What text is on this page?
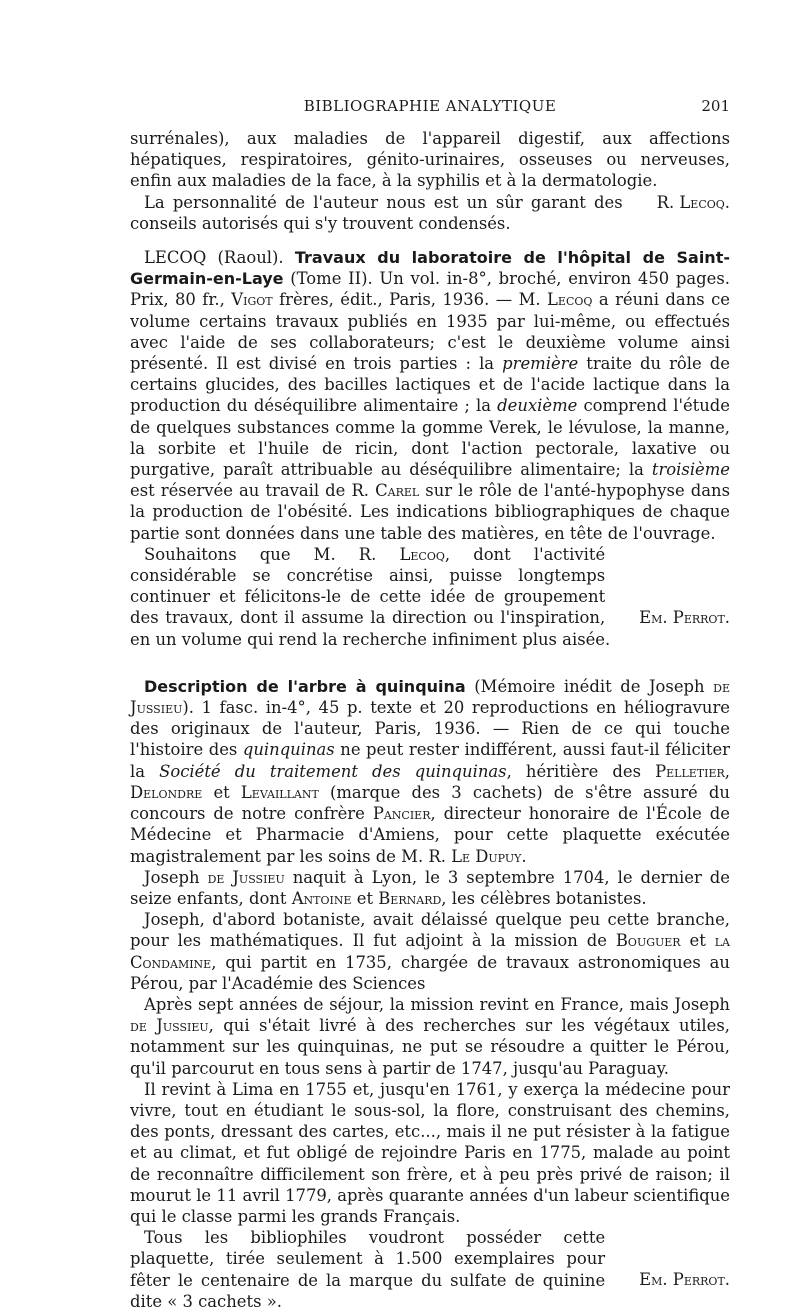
BIBLIOGRAPHIE ANALYTIQUE	201

surrénales), aux maladies de l'appareil digestif, aux affections hépatiques, respiratoires, génito-urinaires, osseuses ou nerveuses, enfin aux maladies de la face, à la syphilis et à la dermatologie.

R. Lecoq.
La personnalité de l'auteur nous est un sûr garant des conseils autorisés qui s'y trouvent condensés.

LECOQ (Raoul). Travaux du laboratoire de l'hôpital de Saint-Germain-en-Laye (Tome II). Un vol. in-8°, broché, environ 450 pages. Prix, 80 fr., Vigot frères, édit., Paris, 1936. — M. Lecoq a réuni dans ce volume certains travaux publiés en 1935 par lui-même, ou effectués avec l'aide de ses collaborateurs; c'est le deuxième volume ainsi présenté. Il est divisé en trois parties : la première traite du rôle de certains glucides, des bacilles lactiques et de l'acide lactique dans la production du déséquilibre alimentaire ; la deuxième comprend l'étude de quelques substances comme la gomme Verek, le lévulose, la manne, la sorbite et l'huile de ricin, dont l'action pectorale, laxative ou purgative, paraît attribuable au déséquilibre alimentaire; la troisième est réservée au travail de R. Carel sur le rôle de l'anté-hypophyse dans la production de l'obésité. Les indications bibliographiques de chaque partie sont données dans une table des matières, en tête de l'ouvrage.

Em. Perrot.
Souhaitons que M. R. Lecoq, dont l'activité considérable se concrétise ainsi, puisse longtemps continuer et félicitons-le de cette idée de groupement des travaux, dont il assume la direction ou l'inspiration, en un volume qui rend la recherche infiniment plus aisée.

Description de l'arbre à quinquina (Mémoire inédit de Joseph de Jussieu). 1 fasc. in-4°, 45 p. texte et 20 reproductions en héliogravure des originaux de l'auteur, Paris, 1936. — Rien de ce qui touche l'histoire des quinquinas ne peut rester indifférent, aussi faut-il féliciter la Société du traitement des quinquinas, héritière des Pelletier, Delondre et Levaillant (marque des 3 cachets) de s'être assuré du concours de notre confrère Pancier, directeur honoraire de l'École de Médecine et Pharmacie d'Amiens, pour cette plaquette exécutée magistralement par les soins de M. R. Le Dupuy.

Joseph de Jussieu naquit à Lyon, le 3 septembre 1704, le dernier de seize enfants, dont Antoine et Bernard, les célèbres botanistes.

Joseph, d'abord botaniste, avait délaissé quelque peu cette branche, pour les mathématiques. Il fut adjoint à la mission de Bouguer et la Condamine, qui partit en 1735, chargée de travaux astronomiques au Pérou, par l'Académie des Sciences

Après sept années de séjour, la mission revint en France, mais Joseph de Jussieu, qui s'était livré à des recherches sur les végétaux utiles, notamment sur les quinquinas, ne put se résoudre a quitter le Pérou, qu'il parcourut en tous sens à partir de 1747, jusqu'au Paraguay.

Il revint à Lima en 1755 et, jusqu'en 1761, y exerça la médecine pour vivre, tout en étudiant le sous-sol, la flore, construisant des chemins, des ponts, dressant des cartes, etc..., mais il ne put résister à la fatigue et au climat, et fut obligé de rejoindre Paris en 1775, malade au point de reconnaître difficilement son frère, et à peu près privé de raison; il mourut le 11 avril 1779, après quarante années d'un labeur scientifique qui le classe parmi les grands Français.

Em. Perrot.
Tous les bibliophiles voudront posséder cette plaquette, tirée seulement à 1.500 exemplaires pour fêter le centenaire de la marque du sulfate de quinine dite « 3 cachets ».
